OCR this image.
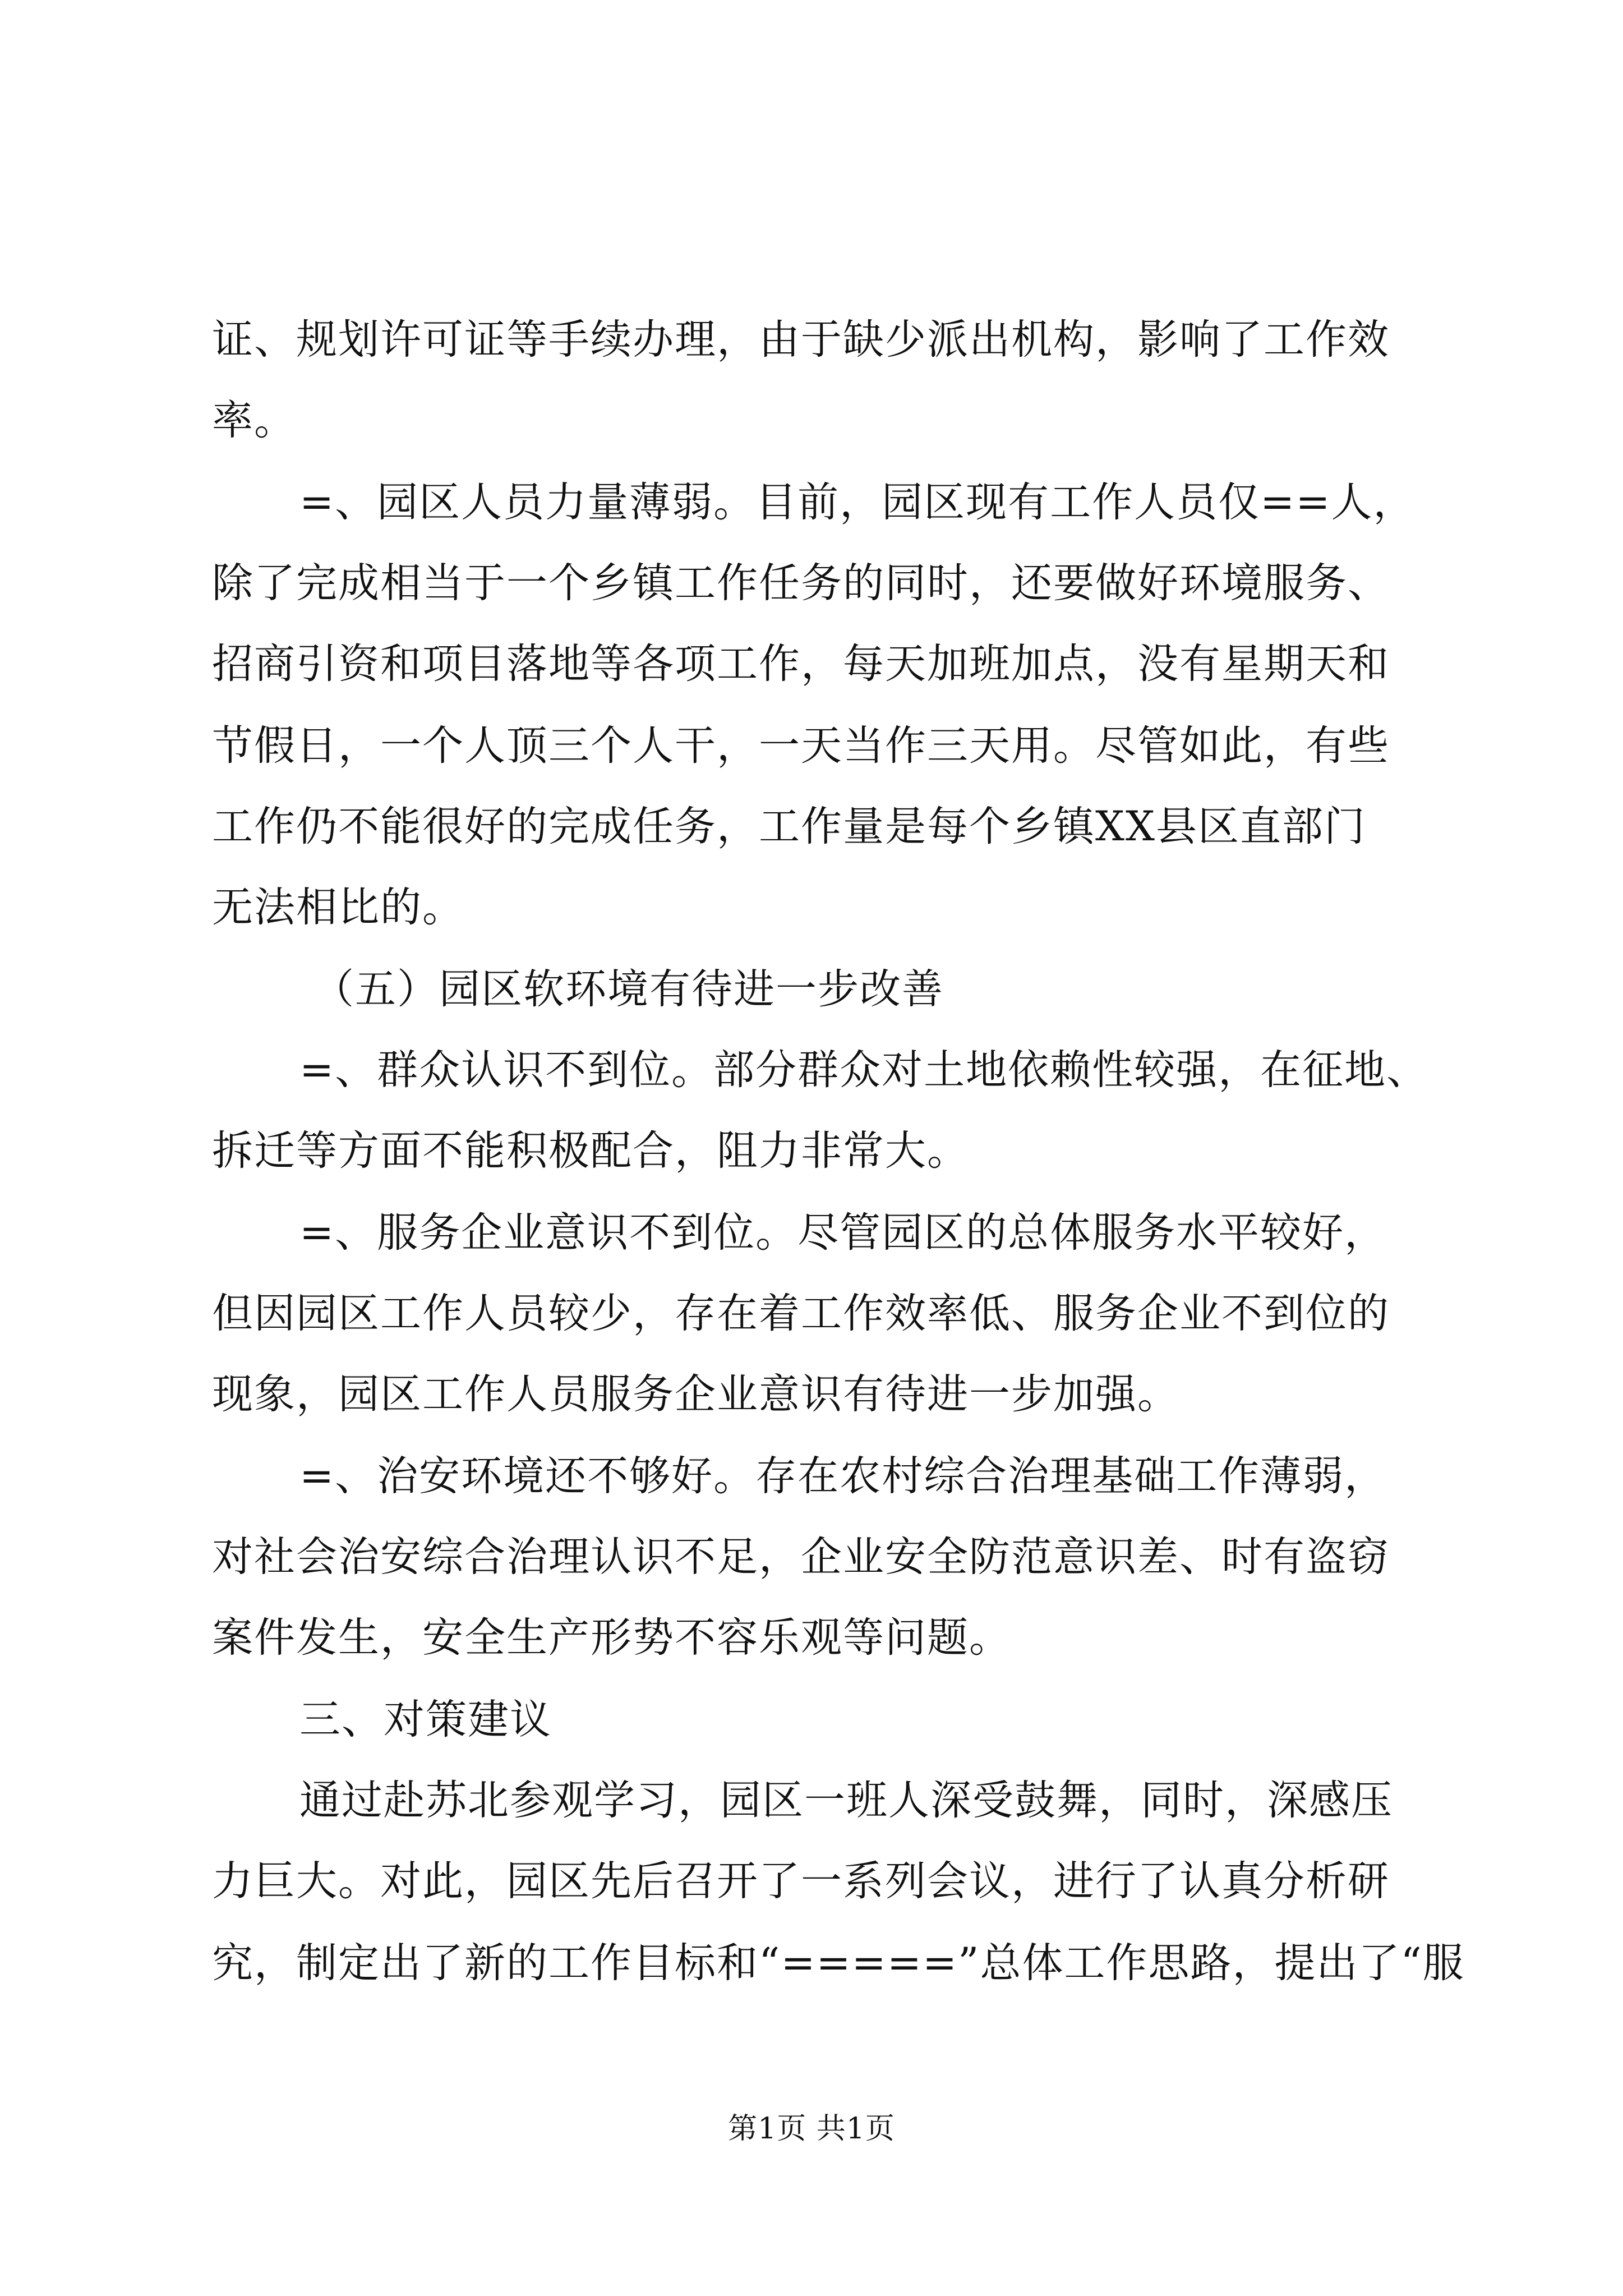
证、规划许可证等手续办理，由于缺少派出机构，影响了工作效
率。
=、园区人员力量薄弱。目前，园区现有工作人员仅==人，
除了完成相当于一个乡镇工作任务的同时，还要做好环境服务、
招商引资和项目落地等各项工作，每天加班加点，没有星期天和
节假日，一个人顶三个人干，一天当作三天用。尽管如此，有些
工作仍不能很好的完成任务，工作量是每个乡镇XX县区直部门
无法相比的。
（五）园区软环境有待进一步改善
=、群众认识不到位。部分群众对土地依赖性较强，在征地、
拆迁等方面不能积极配合，阻力非常大。
=、服务企业意识不到位。尽管园区的总体服务水平较好，
但因园区工作人员较少，存在着工作效率低、服务企业不到位的
现象，园区工作人员服务企业意识有待进一步加强。
=、治安环境还不够好。存在农村综合治理基础工作薄弱，
对社会治安综合治理认识不足，企业安全防范意识差、时有盗窃
案件发生，安全生产形势不容乐观等问题。
三、对策建议
通过赴苏北参观学习，园区一班人深受鼓舞，同时，深感压
力巨大。对此，园区先后召开了一系列会议，进行了认真分析研
究，制定出了新的工作目标和“=====”总体工作思路，提出了“服
第1页 共1页
